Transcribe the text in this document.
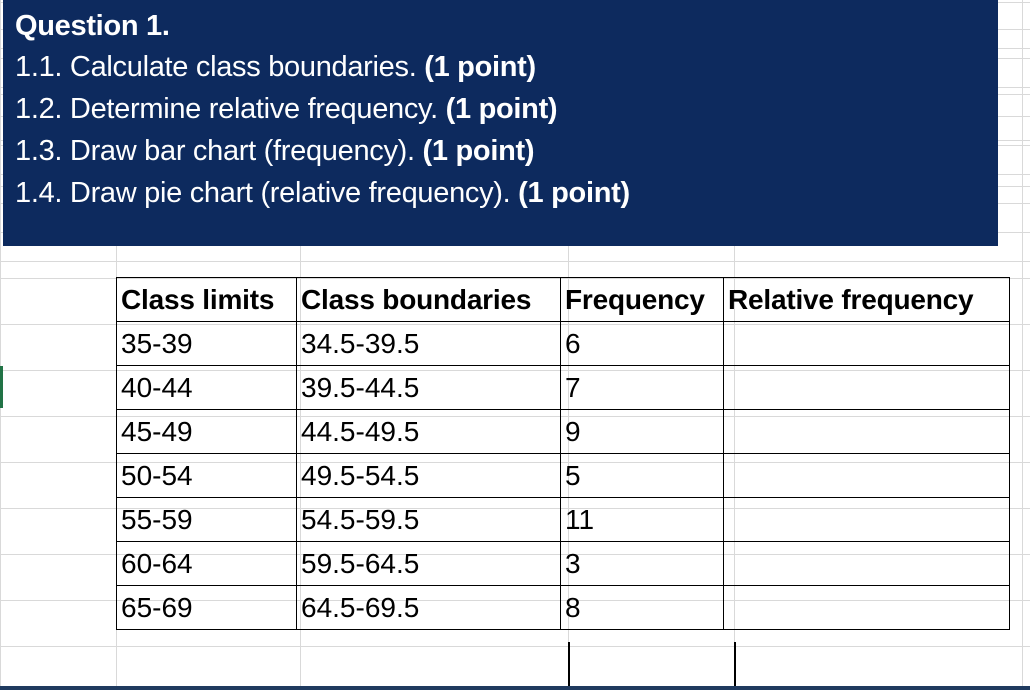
Question 1.
1.1. Calculate class boundaries. (1 point)
1.2. Determine relative frequency. (1 point)
1.3. Draw bar chart (frequency). (1 point)
1.4. Draw pie chart (relative frequency). (1 point)
Class limits	Class boundaries	Frequency	Relative frequency
35-39	34.5-39.5	6	
40-44	39.5-44.5	7	
45-49	44.5-49.5	9	
50-54	49.5-54.5	5	
55-59	54.5-59.5	11	
60-64	59.5-64.5	3	
65-69	64.5-69.5	8	
